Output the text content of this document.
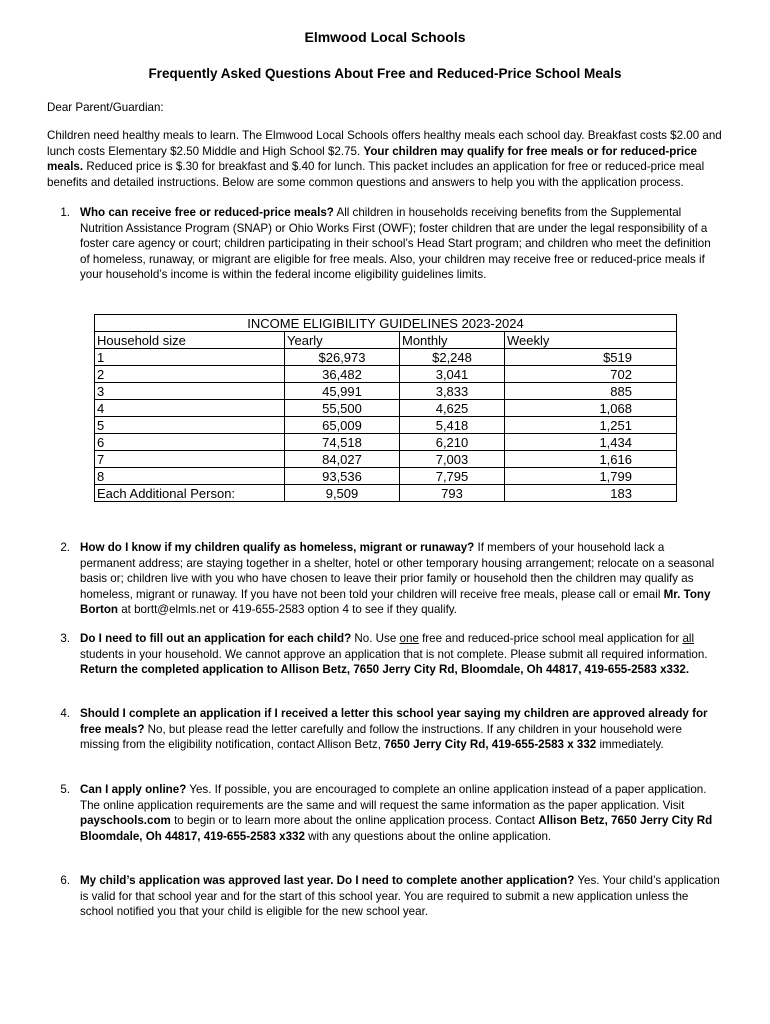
Elmwood Local Schools
Frequently Asked Questions About Free and Reduced-Price School Meals
Dear Parent/Guardian:
Children need healthy meals to learn. The Elmwood Local Schools offers healthy meals each school day. Breakfast costs $2.00 and lunch costs Elementary $2.50 Middle and High School $2.75. Your children may qualify for free meals or for reduced-price meals. Reduced price is $.30 for breakfast and $.40 for lunch. This packet includes an application for free or reduced-price meal benefits and detailed instructions. Below are some common questions and answers to help you with the application process.
1. Who can receive free or reduced-price meals? All children in households receiving benefits from the Supplemental Nutrition Assistance Program (SNAP) or Ohio Works First (OWF); foster children that are under the legal responsibility of a foster care agency or court; children participating in their school’s Head Start program; and children who meet the definition of homeless, runaway, or migrant are eligible for free meals. Also, your children may receive free or reduced-price meals if your household’s income is within the federal income eligibility guidelines limits.
INCOME ELIGIBILITY GUIDELINES 2023-2024			
Household size	Yearly	Monthly	Weekly
1	$26,973	$2,248	$519
2	36,482	3,041	702
3	45,991	3,833	885
4	55,500	4,625	1,068
5	65,009	5,418	1,251
6	74,518	6,210	1,434
7	84,027	7,003	1,616
8	93,536	7,795	1,799
Each Additional Person:	9,509	793	183
2. How do I know if my children qualify as homeless, migrant or runaway? If members of your household lack a permanent address; are staying together in a shelter, hotel or other temporary housing arrangement; relocate on a seasonal basis or; children live with you who have chosen to leave their prior family or household then the children may qualify as homeless, migrant or runaway. If you have not been told your children will receive free meals, please call or email Mr. Tony Borton at bortt@elmls.net or 419-655-2583 option 4 to see if they qualify.
3. Do I need to fill out an application for each child? No. Use one free and reduced-price school meal application for all students in your household. We cannot approve an application that is not complete. Please submit all required information. Return the completed application to Allison Betz, 7650 Jerry City Rd, Bloomdale, Oh 44817, 419-655-2583 x332.
4. Should I complete an application if I received a letter this school year saying my children are approved already for free meals? No, but please read the letter carefully and follow the instructions. If any children in your household were missing from the eligibility notification, contact Allison Betz, 7650 Jerry City Rd, 419-655-2583 x 332 immediately.
5. Can I apply online? Yes. If possible, you are encouraged to complete an online application instead of a paper application. The online application requirements are the same and will request the same information as the paper application. Visit payschools.com to begin or to learn more about the online application process. Contact Allison Betz, 7650 Jerry City Rd Bloomdale, Oh 44817, 419-655-2583 x332 with any questions about the online application.
6. My child’s application was approved last year. Do I need to complete another application? Yes. Your child’s application is valid for that school year and for the start of this school year. You are required to submit a new application unless the school notified you that your child is eligible for the new school year.
